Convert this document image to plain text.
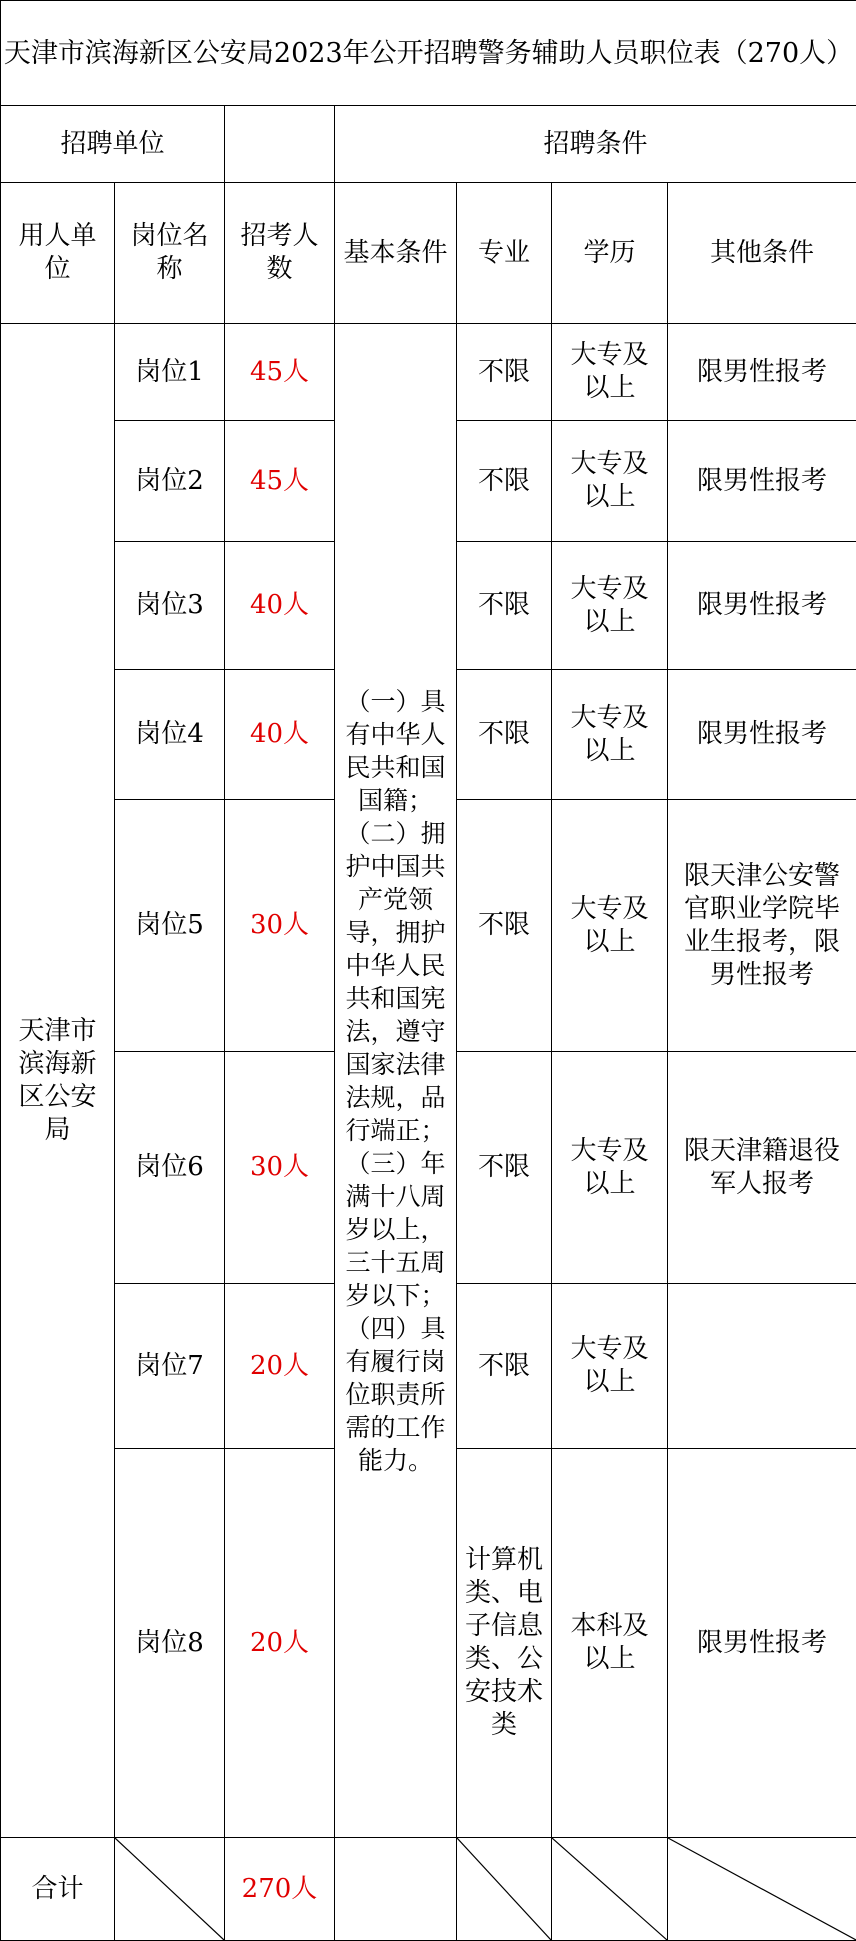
天津市滨海新区公安局2023年公开招聘警务辅助人员职位表（270人）						
招聘单位			招聘条件			
用人单位	岗位名称	招考人数	基本条件	专业	学历	其他条件
天津市滨海新区公安局	岗位1	45人	（一）具有中华人民共和国国籍；（二）拥护中国共产党领导，拥护中华人民共和国宪法，遵守国家法律法规，品行端正；（三）年满十八周岁以上，三十五周岁以下；（四）具有履行岗位职责所需的工作能力。	不限	大专及以上	限男性报考
	岗位2	45人		不限	大专及以上	限男性报考
	岗位3	40人		不限	大专及以上	限男性报考
	岗位4	40人		不限	大专及以上	限男性报考
	岗位5	30人		不限	大专及以上	限天津公安警官职业学院毕业生报考，限男性报考
	岗位6	30人		不限	大专及以上	限天津籍退役军人报考
	岗位7	20人		不限	大专及以上	
	岗位8	20人		计算机类、电子信息类、公安技术类	本科及以上	限男性报考
合计		270人		
